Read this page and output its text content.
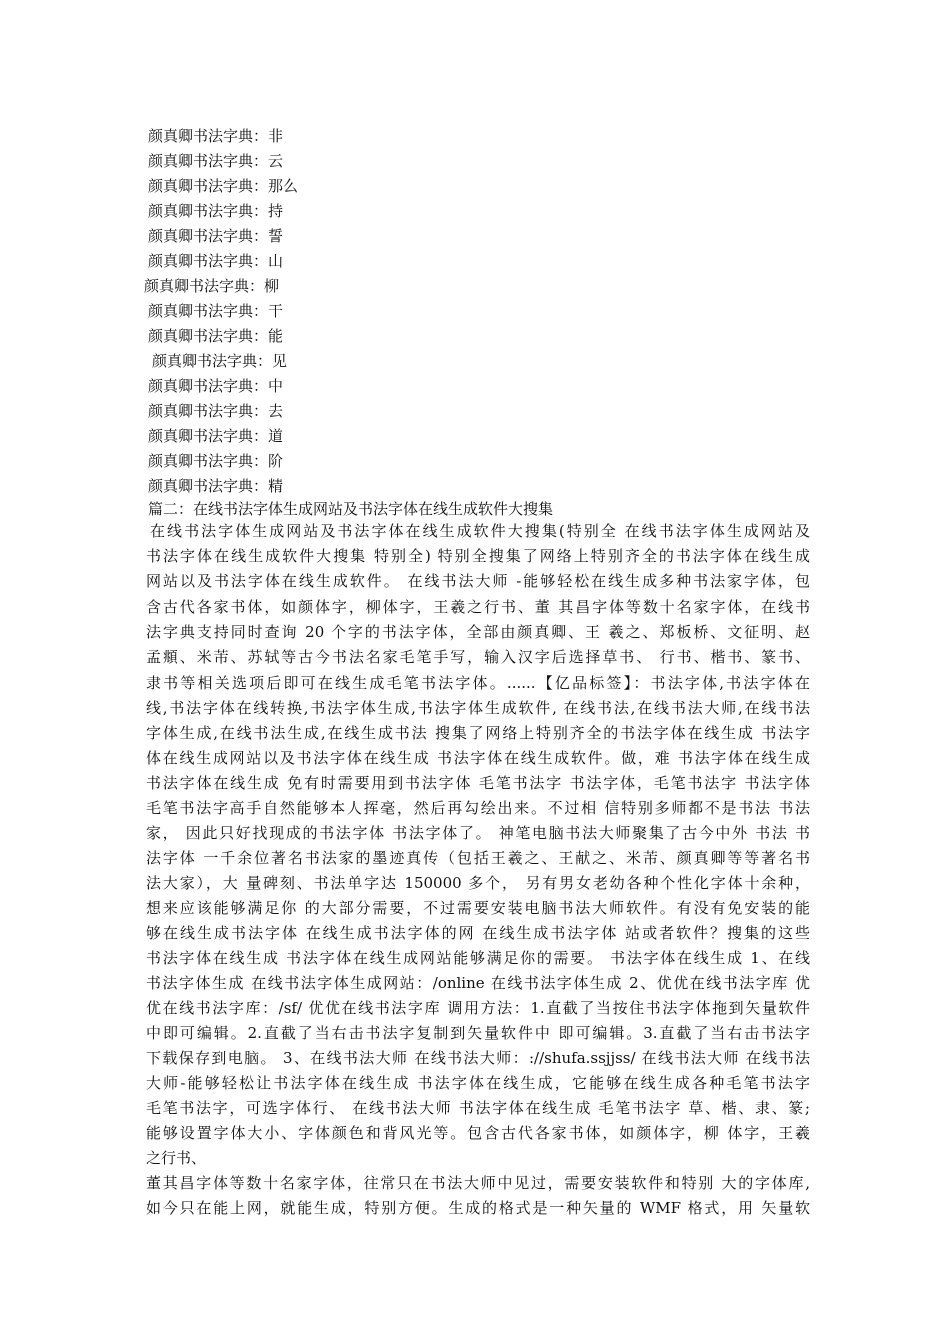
颜真卿书法字典：非
颜真卿书法字典：云
颜真卿书法字典：那么
颜真卿书法字典：持
颜真卿书法字典：誓
颜真卿书法字典：山
颜真卿书法字典：柳
颜真卿书法字典：干
颜真卿书法字典：能
颜真卿书法字典：见
颜真卿书法字典：中
颜真卿书法字典：去
颜真卿书法字典：道
颜真卿书法字典：阶
颜真卿书法字典：精
篇二：在线书法字体生成网站及书法字体在线生成软件大搜集
在线书法字体生成网站及书法字体在线生成软件大搜集(特别全 在线书法字体生成网站及
书法字体在线生成软件大搜集 特别全) 特别全搜集了网络上特别齐全的书法字体在线生成
网站以及书法字体在线生成软件。 在线书法大师 -能够轻松在线生成多种书法家字体，包
含古代各家书体，如颜体字，柳体字，王羲之行书、董 其昌字体等数十名家字体，在线书
法字典支持同时查询 20 个字的书法字体，全部由颜真卿、王 羲之、郑板桥、文征明、赵
孟頫、米芾、苏轼等古今书法名家毛笔手写，输入汉字后选择草书、 行书、楷书、篆书、
隶书等相关选项后即可在线生成毛笔书法字体。......【亿品标签】：书法字体,书法字体在
线,书法字体在线转换,书法字体生成,书法字体生成软件, 在线书法,在线书法大师,在线书法
字体生成,在线书法生成,在线生成书法 搜集了网络上特别齐全的书法字体在线生成 书法字
体在线生成网站以及书法字体在线生成 书法字体在线生成软件。做，难 书法字体在线生成
书法字体在线生成 免有时需要用到书法字体 毛笔书法字 书法字体，毛笔书法字 书法字体
毛笔书法字高手自然能够本人挥毫，然后再勾绘出来。不过相 信特别多师都不是书法 书法
家， 因此只好找现成的书法字体 书法字体了。 神笔电脑书法大师聚集了古今中外 书法 书
法字体 一千余位著名书法家的墨迹真传（包括王羲之、王献之、米芾、颜真卿等等著名书
法大家），大 量碑刻、书法单字达 150000 多个， 另有男女老幼各种个性化字体十余种，
想来应该能够满足你 的大部分需要，不过需要安装电脑书法大师软件。有没有免安装的能
够在线生成书法字体 在线生成书法字体的网 在线生成书法字体 站或者软件？搜集的这些
书法字体在线生成 书法字体在线生成网站能够满足你的需要。 书法字体在线生成 1、在线
书法字体生成 在线书法字体生成网站：/online 在线书法字体生成 2、优优在线书法字库 优
优在线书法字库：/sf/ 优优在线书法字库 调用方法：1.直截了当按住书法字体拖到矢量软件
中即可编辑。2.直截了当右击书法字复制到矢量软件中 即可编辑。3.直截了当右击书法字
下载保存到电脑。 3、在线书法大师 在线书法大师：://shufa.ssjjss/ 在线书法大师 在线书法
大师-能够轻松让书法字体在线生成 书法字体在线生成，它能够在线生成各种毛笔书法字
毛笔书法字，可选字体行、 在线书法大师 书法字体在线生成 毛笔书法字 草、楷、隶、篆;
能够设置字体大小、字体颜色和背风光等。包含古代各家书体，如颜体字，柳 体字，王羲
之行书、
董其昌字体等数十名家字体，往常只在书法大师中见过，需要安装软件和特别 大的字体库,
如今只在能上网，就能生成，特别方便。生成的格式是一种矢量的 WMF 格式，用 矢量软
